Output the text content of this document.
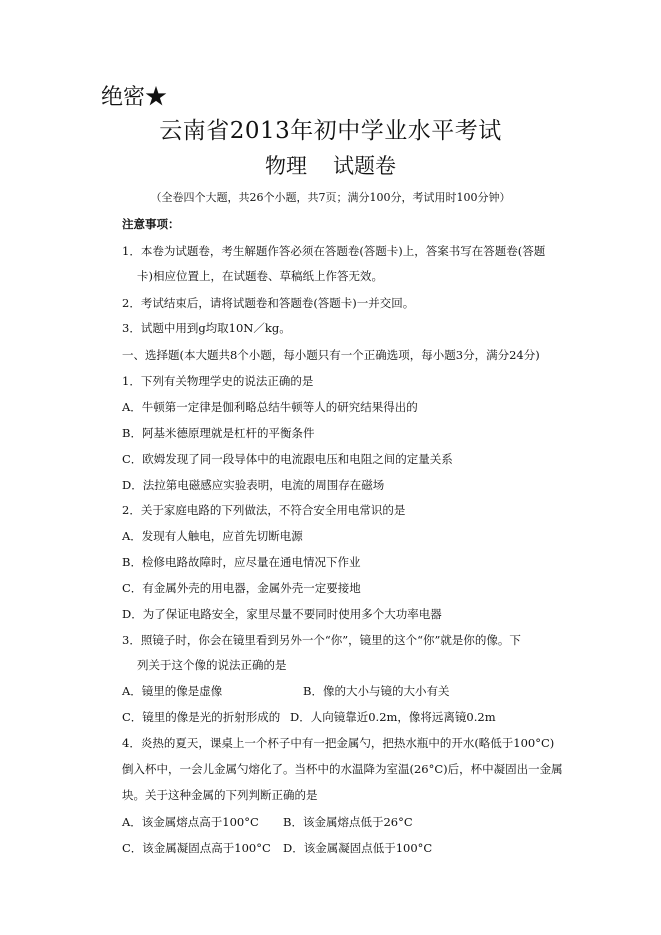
绝密★
云南省2013年初中学业水平考试
物理 试题卷
（全卷四个大题，共26个小题，共7页；满分100分，考试用时100分钟）
注意事项：
1．本卷为试题卷，考生解题作答必须在答题卷(答题卡)上，答案书写在答题卷(答题
卡)相应位置上，在试题卷、草稿纸上作答无效。
2．考试结束后，请将试题卷和答题卷(答题卡)一并交回。
3．试题中用到g均取10N／kg。
一、选择题(本大题共8个小题，每小题只有一个正确选项，每小题3分，满分24分)
1．下列有关物理学史的说法正确的是
A．牛顿第一定律是伽利略总结牛顿等人的研究结果得出的
B．阿基米德原理就是杠杆的平衡条件
C．欧姆发现了同一段导体中的电流跟电压和电阻之间的定量关系
D．法拉第电磁感应实验表明，电流的周围存在磁场
2．关于家庭电路的下列做法，不符合安全用电常识的是
A．发现有人触电，应首先切断电源
B．检修电路故障时，应尽量在通电情况下作业
C．有金属外壳的用电器，金属外壳一定要接地
D．为了保证电路安全，家里尽量不要同时使用多个大功率电器
3．照镜子时，你会在镜里看到另外一个“你”，镜里的这个“你”就是你的像。下
列关于这个像的说法正确的是
A．镜里的像是虚像	B．像的大小与镜的大小有关
C．镜里的像是光的折射形成的 D．人向镜靠近0.2m，像将远离镜0.2m
4．炎热的夏天，课桌上一个杯子中有一把金属勺，把热水瓶中的开水(略低于100°C)
倒入杯中，一会儿金属勺熔化了。当杯中的水温降为室温(26°C)后，杯中凝固出一金属
块。关于这种金属的下列判断正确的是
A．该金属熔点高于100°C B．该金属熔点低于26°C
C．该金属凝固点高于100°C D．该金属凝固点低于100°C
